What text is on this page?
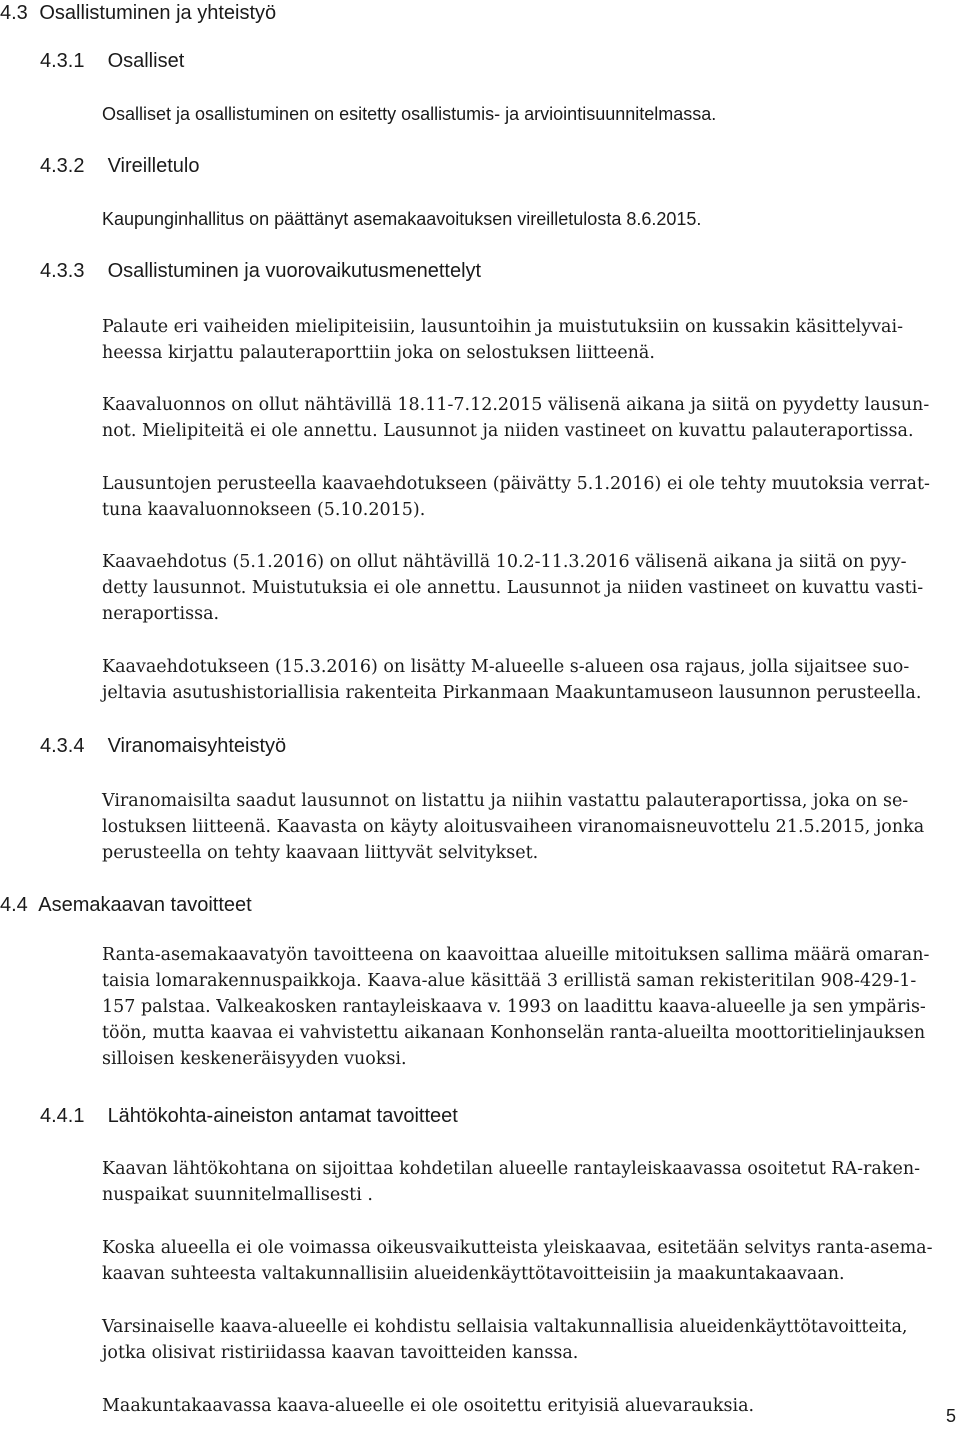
4.3 Osallistuminen ja yhteistyö
4.3.1 Osalliset
Osalliset ja osallistuminen on esitetty osallistumis- ja arviointisuunnitelmassa.
4.3.2 Vireilletulo
Kaupunginhallitus on päättänyt asemakaavoituksen vireilletulosta 8.6.2015.
4.3.3 Osallistuminen ja vuorovaikutusmenettelyt
Palaute eri vaiheiden mielipiteisiin, lausuntoihin ja muistutuksiin on kussakin käsittelyvai-
heessa kirjattu palauteraporttiin joka on selostuksen liitteenä.
Kaavaluonnos on ollut nähtävillä 18.11-7.12.2015 välisenä aikana ja siitä on pyydetty lausun-
not. Mielipiteitä ei ole annettu. Lausunnot ja niiden vastineet on kuvattu palauteraportissa.
Lausuntojen perusteella kaavaehdotukseen (päivätty 5.1.2016) ei ole tehty muutoksia verrat-
tuna kaavaluonnokseen (5.10.2015).
Kaavaehdotus (5.1.2016) on ollut nähtävillä 10.2-11.3.2016 välisenä aikana ja siitä on pyy-
detty lausunnot. Muistutuksia ei ole annettu. Lausunnot ja niiden vastineet on kuvattu vasti-
neraportissa.
Kaavaehdotukseen (15.3.2016) on lisätty M-alueelle s-alueen osa rajaus, jolla sijaitsee suo-
jeltavia asutushistoriallisia rakenteita Pirkanmaan Maakuntamuseon lausunnon perusteella.
4.3.4 Viranomaisyhteistyö
Viranomaisilta saadut lausunnot on listattu ja niihin vastattu palauteraportissa, joka on se-
lostuksen liitteenä. Kaavasta on käyty aloitusvaiheen viranomaisneuvottelu 21.5.2015, jonka
perusteella on tehty kaavaan liittyvät selvitykset.
4.4 Asemakaavan tavoitteet
Ranta-asemakaavatyön tavoitteena on kaavoittaa alueille mitoituksen sallima määrä omaran-
taisia lomarakennuspaikkoja. Kaava-alue käsittää 3 erillistä saman rekisteritilan 908-429-1-
157 palstaa. Valkeakosken rantayleiskaava v. 1993 on laadittu kaava-alueelle ja sen ympäris-
töön, mutta kaavaa ei vahvistettu aikanaan Konhonselän ranta-alueilta moottoritielinjauksen
silloisen keskeneräisyyden vuoksi.
4.4.1 Lähtökohta-aineiston antamat tavoitteet
Kaavan lähtökohtana on sijoittaa kohdetilan alueelle rantayleiskaavassa osoitetut RA-raken-
nuspaikat suunnitelmallisesti .
Koska alueella ei ole voimassa oikeusvaikutteista yleiskaavaa, esitetään selvitys ranta-asema-
kaavan suhteesta valtakunnallisiin alueidenkäyttötavoitteisiin ja maakuntakaavaan.
Varsinaiselle kaava-alueelle ei kohdistu sellaisia valtakunnallisia alueidenkäyttötavoitteita,
jotka olisivat ristiriidassa kaavan tavoitteiden kanssa.
Maakuntakaavassa kaava-alueelle ei ole osoitettu erityisiä aluevarauksia.	5
